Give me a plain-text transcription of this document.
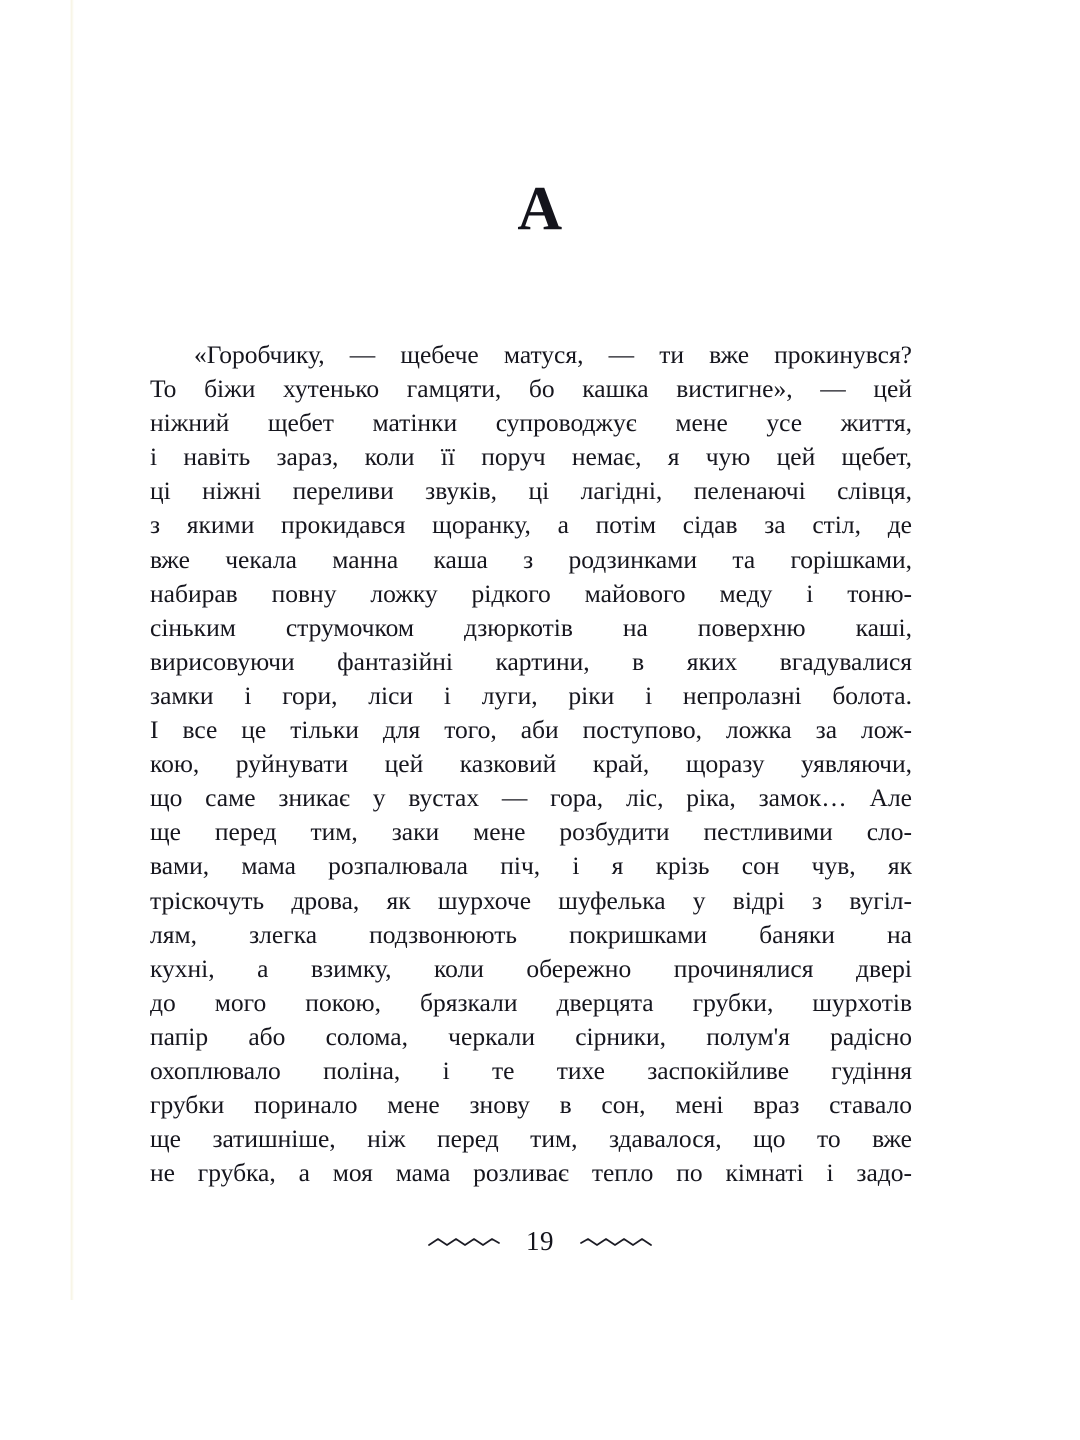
А
«Горобчику, — щебече матуся, — ти вже прокинувся?
То біжи хутенько гамцяти, бо кашка вистигне», — цей
ніжний щебет матінки супроводжує мене усе життя,
і навіть зараз, коли її поруч немає, я чую цей щебет,
ці ніжні переливи звуків, ці лагідні, пеленаючі слівця,
з якими прокидався щоранку, а потім сідав за стіл, де
вже чекала манна каша з родзинками та горішками,
набирав повну ложку рідкого майового меду і тоню-
сіньким струмочком дзюркотів на поверхню каші,
вирисовуючи фантазійні картини, в яких вгадувалися
замки і гори, ліси і луги, ріки і непролазні болота.
І все це тільки для того, аби поступово, ложка за лож-
кою, руйнувати цей казковий край, щоразу уявляючи,
що саме зникає у вустах — гора, ліс, ріка, замок… Але
ще перед тим, заки мене розбудити пестливими сло-
вами, мама розпалювала піч, і я крізь сон чув, як
тріскочуть дрова, як шурхоче шуфелька у відрі з вугіл-
лям, злегка подзвонюють покришками баняки на
кухні, а взимку, коли обережно прочинялися двері
до мого покою, брязкали дверцята грубки, шурхотів
папір або солома, черкали сірники, полум'я радісно
охоплювало поліна, і те тихе заспокійливе гудіння
грубки поринало мене знову в сон, мені враз ставало
ще затишніше, ніж перед тим, здавалося, що то вже
не грубка, а моя мама розливає тепло по кімнаті і задо-
19
